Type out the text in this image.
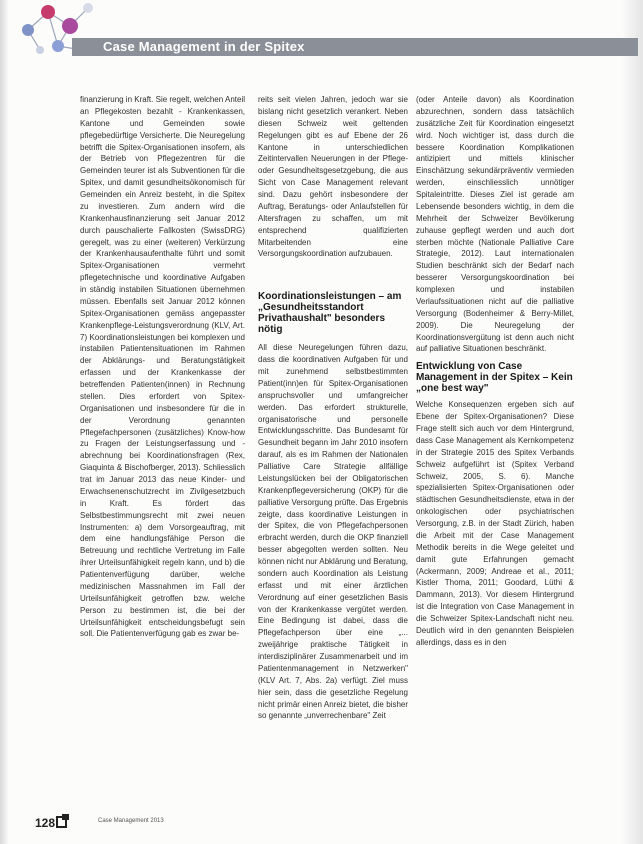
Case Management in der Spitex

finanzierung in Kraft. Sie regelt, welchen Anteil an Pflegekosten bezahlt - Krankenkassen, Kantone und Gemeinden sowie pflegebedürftige Versicherte. Die Neuregelung betrifft die Spitex-Organisationen insofern, als der Betrieb von Pflegezentren für die Gemeinden teurer ist als Subventionen für die Spitex, und damit gesundheitsökonomisch für Gemeinden ein Anreiz besteht, in die Spitex zu investieren. Zum andern wird die Krankenhausfinanzierung seit Januar 2012 durch pauschalierte Fallkosten (SwissDRG) geregelt, was zu einer (weiteren) Verkürzung der Krankenhausaufenthalte führt und somit Spitex-Organisationen vermehrt pflegetechnische und koordinative Aufgaben in ständig instabilen Situationen übernehmen müssen. Ebenfalls seit Januar 2012 können Spitex-Organisationen gemäss angepasster Krankenpflege-Leistungsverordnung (KLV, Art. 7) Koordinationsleistungen bei komplexen und instabilen Patientensituationen im Rahmen der Abklärungs- und Beratungstätigkeit erfassen und der Krankenkasse der betreffenden Patienten(innen) in Rechnung stellen. Dies erfordert von Spitex-Organisationen und insbesondere für die in der Verordnung genannten Pflegefachpersonen (zusätzliches) Know-how zu Fragen der Leistungserfassung und -abrechnung bei Koordinationsfragen (Rex, Giaquinta & Bischofberger, 2013). Schliesslich trat im Januar 2013 das neue Kinder- und Erwachsenenschutzrecht im Zivilgesetzbuch in Kraft. Es fördert das Selbstbestimmungsrecht mit zwei neuen Instrumenten: a) dem Vorsorgeauftrag, mit dem eine handlungsfähige Person die Betreuung und rechtliche Vertretung im Falle ihrer Urteilsunfähigkeit regeln kann, und b) die Patientenverfügung darüber, welche medizinischen Massnahmen im Fall der Urteilsunfähigkeit getroffen bzw. welche Person zu bestimmen ist, die bei der Urteilsunfähigkeit entscheidungsbefugt sein soll. Die Patientenverfügung gab es zwar be-

reits seit vielen Jahren, jedoch war sie bislang nicht gesetzlich verankert. Neben diesen Schweiz weit geltenden Regelungen gibt es auf Ebene der 26 Kantone in unterschiedlichen Zeitintervallen Neuerungen in der Pflege- oder Gesundheitsgesetzgebung, die aus Sicht von Case Management relevant sind. Dazu gehört insbesondere der Auftrag, Beratungs- oder Anlaufstellen für Altersfragen zu schaffen, um mit entsprechend qualifizierten Mitarbeitenden eine Versorgungskoordination aufzubauen.

Koordinationsleistungen – am „Gesundheitsstandort Privathaushalt" besonders nötig

All diese Neuregelungen führen dazu, dass die koordinativen Aufgaben für und mit zunehmend selbstbestimmten Patient(inn)en für Spitex-Organisationen anspruchsvoller und umfangreicher werden. Das erfordert strukturelle, organisatorische und personelle Entwicklungsschritte. Das Bundesamt für Gesundheit begann im Jahr 2010 insofern darauf, als es im Rahmen der Nationalen Palliative Care Strategie allfällige Leistungslücken bei der Obligatorischen Krankenpflegeversicherung (OKP) für die palliative Versorgung prüfte. Das Ergebnis zeigte, dass koordinative Leistungen in der Spitex, die von Pflegefachpersonen erbracht werden, durch die OKP finanziell besser abgegolten werden sollten. Neu können nicht nur Abklärung und Beratung, sondern auch Koordination als Leistung erfasst und mit einer ärztlichen Verordnung auf einer gesetzlichen Basis von der Krankenkasse vergütet werden. Eine Bedingung ist dabei, dass die Pflegefachperson über eine „... zweijährige praktische Tätigkeit in interdisziplinärer Zusammenarbeit und im Patientenmanagement in Netzwerken" (KLV Art. 7, Abs. 2a) verfügt. Ziel muss hier sein, dass die gesetzliche Regelung nicht primär einen Anreiz bietet, die bisher so genannte „unverrechenbare" Zeit

(oder Anteile davon) als Koordination abzurechnen, sondern dass tatsächlich zusätzliche Zeit für Koordination eingesetzt wird. Noch wichtiger ist, dass durch die bessere Koordination Komplikationen antizipiert und mittels klinischer Einschätzung sekundärpräventiv vermieden werden, einschliesslich unnötiger Spitaleintritte. Dieses Ziel ist gerade am Lebensende besonders wichtig, in dem die Mehrheit der Schweizer Bevölkerung zuhause gepflegt werden und auch dort sterben möchte (Nationale Palliative Care Strategie, 2012). Laut internationalen Studien beschränkt sich der Bedarf nach besserer Versorgungskoordination bei komplexen und instabilen Verlaufssituationen nicht auf die palliative Versorgung (Bodenheimer & Berry-Millet, 2009). Die Neuregelung der Koordinationsvergütung ist denn auch nicht auf palliative Situationen beschränkt.

Entwicklung von Case Management in der Spitex – Kein „one best way"

Welche Konsequenzen ergeben sich auf Ebene der Spitex-Organisationen? Diese Frage stellt sich auch vor dem Hintergrund, dass Case Management als Kernkompetenz in der Strategie 2015 des Spitex Verbands Schweiz aufgeführt ist (Spitex Verband Schweiz, 2005, S. 6). Manche spezialisierten Spitex-Organisationen oder städtischen Gesundheitsdienste, etwa in der onkologischen oder psychiatrischen Versorgung, z.B. in der Stadt Zürich, haben die Arbeit mit der Case Management Methodik bereits in die Wege geleitet und damit gute Erfahrungen gemacht (Ackermann, 2009; Andreae et al., 2011; Kistler Thoma, 2011; Goodard, Lüthi & Dammann, 2013). Vor diesem Hintergrund ist die Integration von Case Management in die Schweizer Spitex-Landschaft nicht neu. Deutlich wird in den genannten Beispielen allerdings, dass es in den

128	Case Management 2013
